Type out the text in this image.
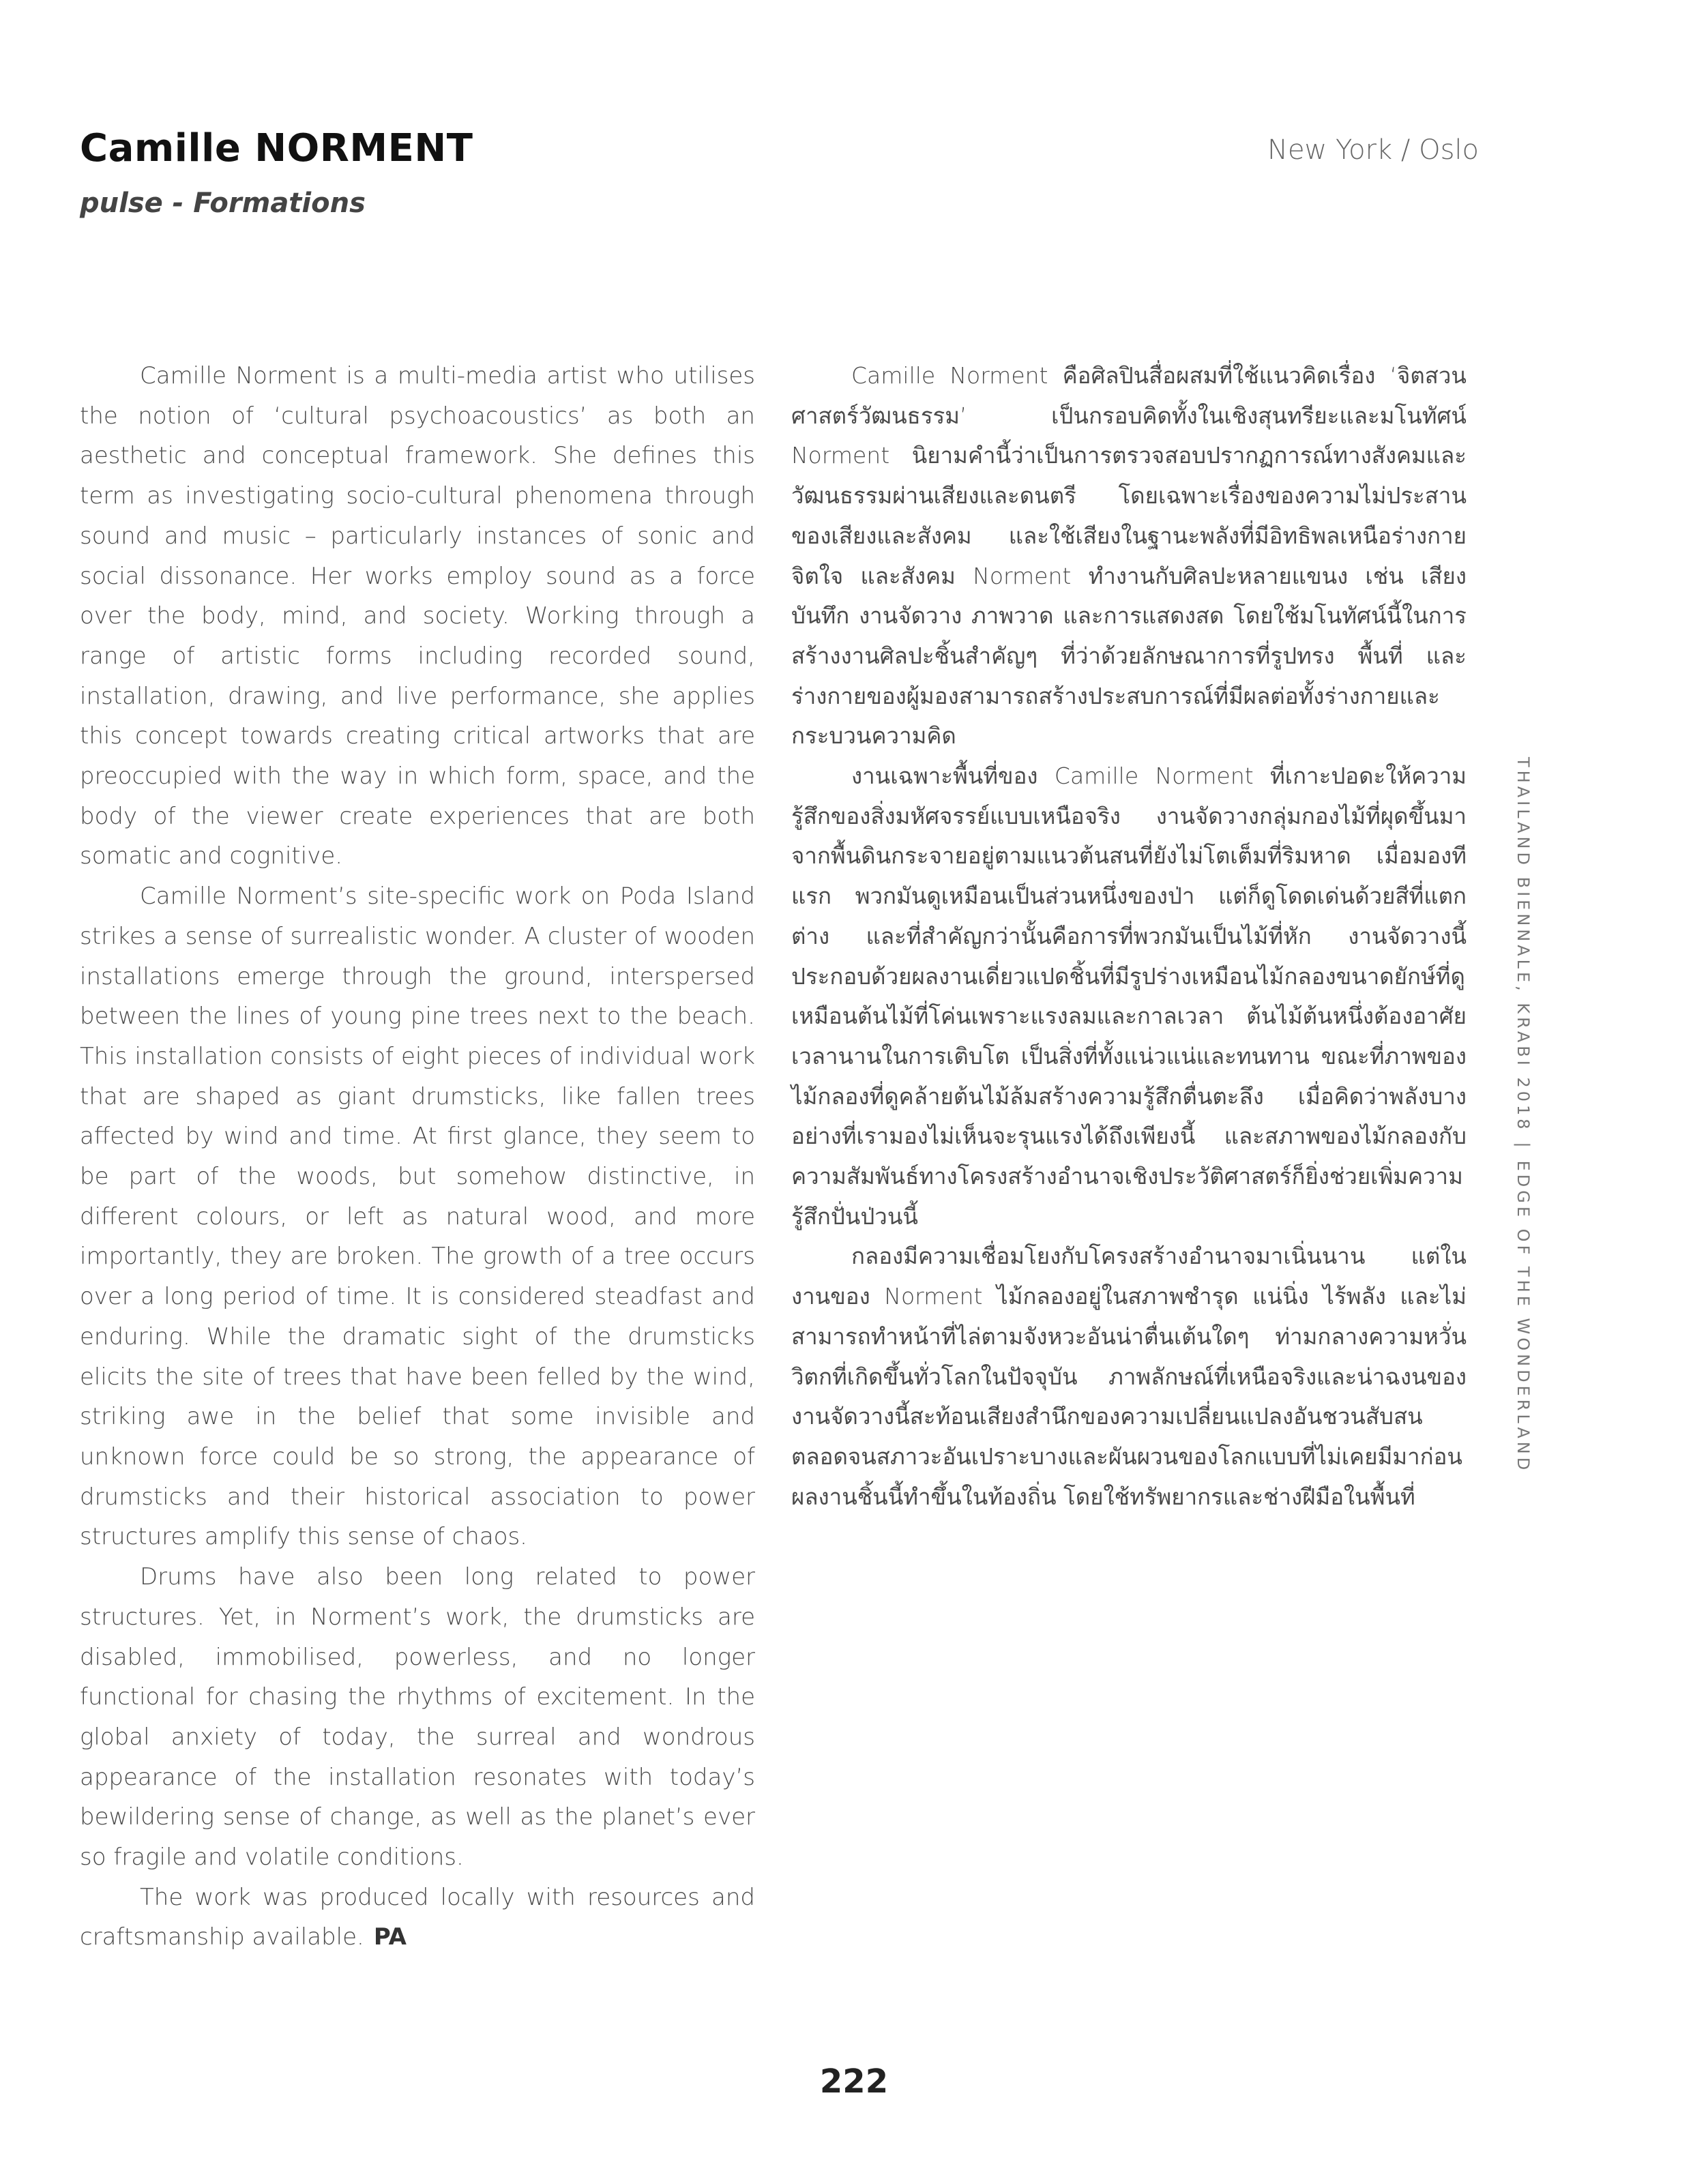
Camille NORMENT
pulse - Formations
New York / Oslo

Camille Norment is a multi-media artist who utilises the notion of ‘cultural psychoacoustics’ as both an aesthetic and conceptual framework. She defines this term as investigating socio-cultural phenomena through sound and music – particularly instances of sonic and social dissonance. Her works employ sound as a force over the body, mind, and society. Working through a range of artistic forms including recorded sound, installation, drawing, and live performance, she applies this concept towards creating critical artworks that are preoccupied with the way in which form, space, and the body of the viewer create experiences that are both somatic and cognitive.

Camille Norment’s site-specific work on Poda Island strikes a sense of surrealistic wonder. A cluster of wooden installations emerge through the ground, interspersed between the lines of young pine trees next to the beach. This installation consists of eight pieces of individual work that are shaped as giant drumsticks, like fallen trees affected by wind and time. At first glance, they seem to be part of the woods, but somehow distinctive, in different colours, or left as natural wood, and more importantly, they are broken. The growth of a tree occurs over a long period of time. It is considered steadfast and enduring. While the dramatic sight of the drumsticks elicits the site of trees that have been felled by the wind, striking awe in the belief that some invisible and unknown force could be so strong, the appearance of drumsticks and their historical association to power structures amplify this sense of chaos.

Drums have also been long related to power structures. Yet, in Norment’s work, the drumsticks are disabled, immobilised, powerless, and no longer functional for chasing the rhythms of excitement. In the global anxiety of today, the surreal and wondrous appearance of the installation resonates with today’s bewildering sense of change, as well as the planet’s ever so fragile and volatile conditions.

The work was produced locally with resources and craftsmanship available. PA

Camille Norment คือศิลปินสื่อผสมที่ใช้แนวคิดเรื่อง ‘จิตสวนศาสตร์วัฒนธรรม’ เป็นกรอบคิดทั้งในเชิงสุนทรียะและมโนทัศน์ Norment นิยามคำนี้ว่าเป็นการตรวจสอบปรากฏการณ์ทางสังคมและวัฒนธรรมผ่านเสียงและดนตรี โดยเฉพาะเรื่องของความไม่ประสานของเสียงและสังคม และใช้เสียงในฐานะพลังที่มีอิทธิพลเหนือร่างกาย จิตใจ และสังคม Norment ทำงานกับศิลปะหลายแขนง เช่น เสียงบันทึก งานจัดวาง ภาพวาด และการแสดงสด โดยใช้มโนทัศน์นี้ในการสร้างงานศิลปะชิ้นสำคัญๆ ที่ว่าด้วยลักษณาการที่รูปทรง พื้นที่ และร่างกายของผู้มองสามารถสร้างประสบการณ์ที่มีผลต่อทั้งร่างกายและกระบวนความคิด

งานเฉพาะพื้นที่ของ Camille Norment ที่เกาะปอดะให้ความรู้สึกของสิ่งมหัศจรรย์แบบเหนือจริง งานจัดวางกลุ่มกองไม้ที่ผุดขึ้นมาจากพื้นดินกระจายอยู่ตามแนวต้นสนที่ยังไม่โตเต็มที่ริมหาด เมื่อมองทีแรก พวกมันดูเหมือนเป็นส่วนหนึ่งของป่า แต่ก็ดูโดดเด่นด้วยสีที่แตกต่าง และที่สำคัญกว่านั้นคือการที่พวกมันเป็นไม้ที่หัก งานจัดวางนี้ประกอบด้วยผลงานเดี่ยวแปดชิ้นที่มีรูปร่างเหมือนไม้กลองขนาดยักษ์ที่ดูเหมือนต้นไม้ที่โค่นเพราะแรงลมและกาลเวลา ต้นไม้ต้นหนึ่งต้องอาศัยเวลานานในการเติบโต เป็นสิ่งที่ทั้งแน่วแน่และทนทาน ขณะที่ภาพของไม้กลองที่ดูคล้ายต้นไม้ล้มสร้างความรู้สึกตื่นตะลึง เมื่อคิดว่าพลังบางอย่างที่เรามองไม่เห็นจะรุนแรงได้ถึงเพียงนี้ และสภาพของไม้กลองกับความสัมพันธ์ทางโครงสร้างอำนาจเชิงประวัติศาสตร์ก็ยิ่งช่วยเพิ่มความรู้สึกปั่นป่วนนี้

กลองมีความเชื่อมโยงกับโครงสร้างอำนาจมาเนิ่นนาน แต่ในงานของ Norment ไม้กลองอยู่ในสภาพชำรุด แน่นิ่ง ไร้พลัง และไม่สามารถทำหน้าที่ไล่ตามจังหวะอันน่าตื่นเต้นใดๆ ท่ามกลางความหวั่นวิตกที่เกิดขึ้นทั่วโลกในปัจจุบัน ภาพลักษณ์ที่เหนือจริงและน่าฉงนของงานจัดวางนี้สะท้อนเสียงสำนึกของความเปลี่ยนแปลงอันชวนสับสนตลอดจนสภาวะอันเปราะบางและผันผวนของโลกแบบที่ไม่เคยมีมาก่อน ผลงานชิ้นนี้ทำขึ้นในท้องถิ่น โดยใช้ทรัพยากรและช่างฝีมือในพื้นที่

THAILAND BIENNALE, KRABI 2018|EDGE OF THE WONDERLAND
222
